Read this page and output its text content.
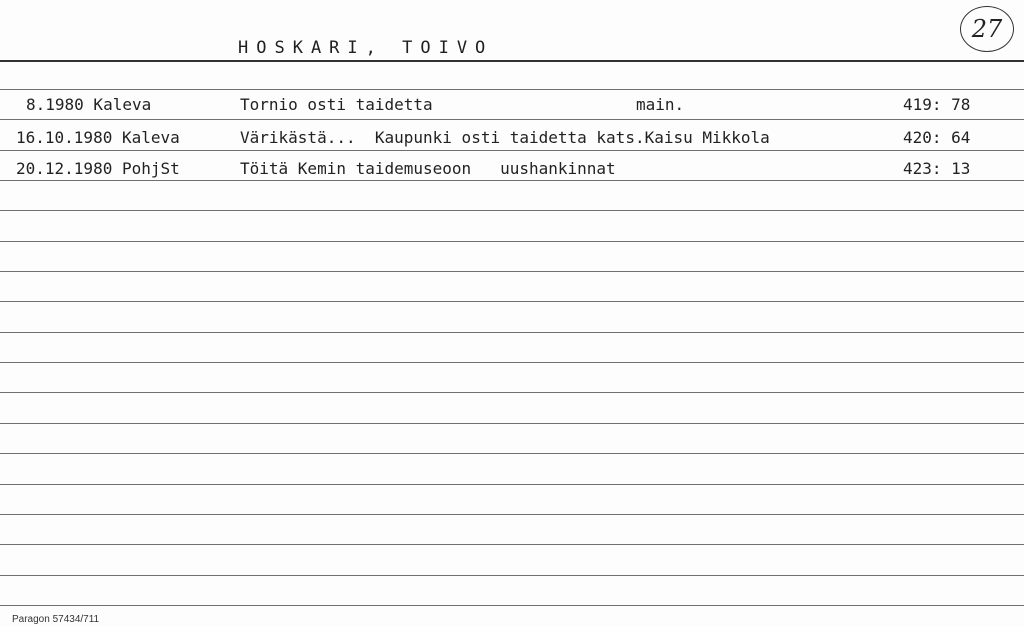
HOSKARI, TOIVO
27
8.1980 Kaleva	Tornio osti taidetta	main.	419: 78
16.10.1980 Kaleva	Värikästä...  Kaupunki osti taidetta kats.Kaisu Mikkola	420: 64
20.12.1980 PohjSt	Töitä Kemin taidemuseoon   uushankinnat	423: 13
Paragon 57434/711
